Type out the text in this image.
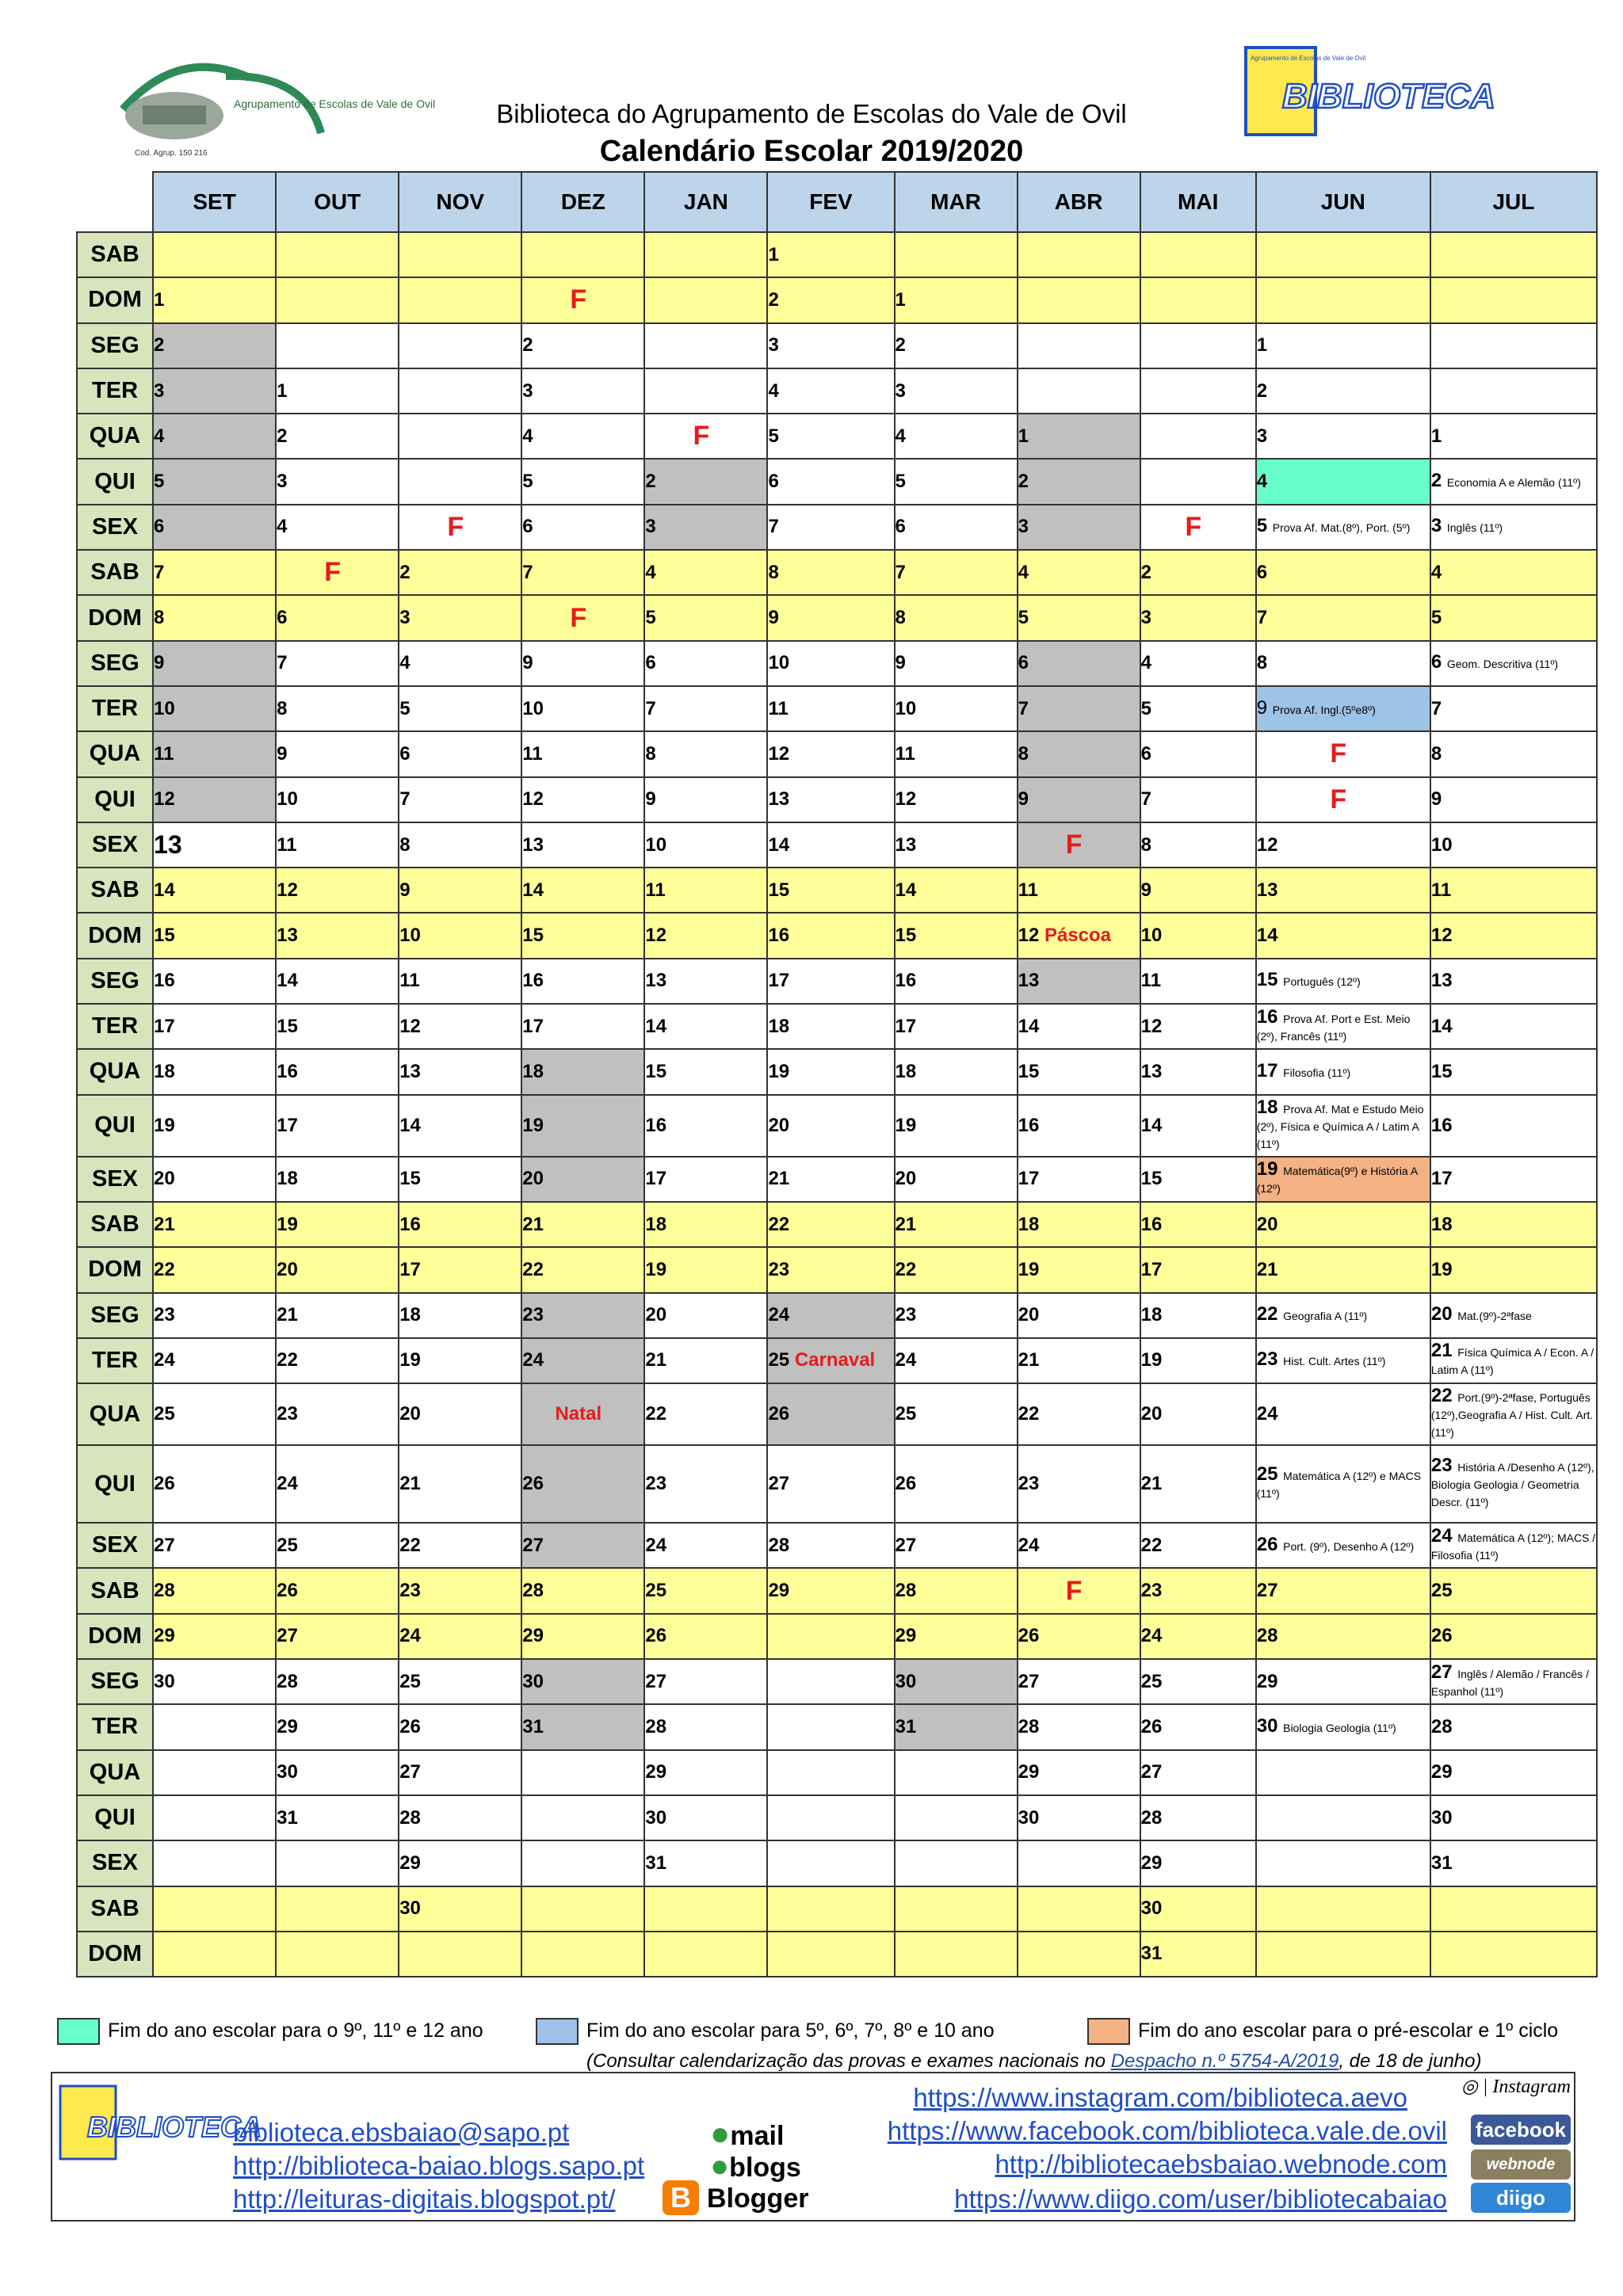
Agrupamento de Escolas de Vale de Ovil
Cod. Agrup. 150 216
Agrupamento de Escolas de Vale de Ovil
BIBLIOTECA
Biblioteca do Agrupamento de Escolas do Vale de Ovil
Calendário Escolar 2019/2020
	SET	OUT	NOV	DEZ	JAN	FEV	MAR	ABR	MAI	JUN	JUL
SAB						1					
DOM	1			F		2	1				
SEG	2			2		3	2			1	
TER	3	1		3		4	3			2	
QUA	4	2		4	F	5	4	1		3	1
QUI	5	3		5	2	6	5	2		4	2 Economia A e Alemão (11º)
SEX	6	4	F	6	3	7	6	3	F	5 Prova Af. Mat.(8º), Port. (5º)	3 Inglês (11º)
SAB	7	F	2	7	4	8	7	4	2	6	4
DOM	8	6	3	F	5	9	8	5	3	7	5
SEG	9	7	4	9	6	10	9	6	4	8	6 Geom. Descritiva (11º)
TER	10	8	5	10	7	11	10	7	5	9 Prova Af. Ingl.(5ºe8º)	7
QUA	11	9	6	11	8	12	11	8	6	F	8
QUI	12	10	7	12	9	13	12	9	7	F	9
SEX	13	11	8	13	10	14	13	F	8	12	10
SAB	14	12	9	14	11	15	14	11	9	13	11
DOM	15	13	10	15	12	16	15	12 Páscoa	10	14	12
SEG	16	14	11	16	13	17	16	13	11	15 Português (12º)	13
TER	17	15	12	17	14	18	17	14	12	16 Prova Af. Port e Est. Meio (2º), Francês (11º)	14
QUA	18	16	13	18	15	19	18	15	13	17 Filosofia (11º)	15
QUI	19	17	14	19	16	20	19	16	14	18 Prova Af. Mat e Estudo Meio (2º), Física e Química A / Latim A (11º)	16
SEX	20	18	15	20	17	21	20	17	15	19 Matemática(9º) e História A (12º)	17
SAB	21	19	16	21	18	22	21	18	16	20	18
DOM	22	20	17	22	19	23	22	19	17	21	19
SEG	23	21	18	23	20	24	23	20	18	22 Geografia A (11º)	20 Mat.(9º)-2ªfase
TER	24	22	19	24	21	25 Carnaval	24	21	19	23 Hist. Cult. Artes (11º)	21 Física Química A / Econ. A / Latim A (11º)
QUA	25	23	20	Natal	22	26	25	22	20	24	22 Port.(9º)-2ªfase, Português (12º),Geografia A / Hist. Cult. Art. (11º)
QUI	26	24	21	26	23	27	26	23	21	25 Matemática A (12º) e MACS (11º)	23 História A /Desenho A (12º), Biologia Geologia / Geometria Descr. (11º)
SEX	27	25	22	27	24	28	27	24	22	26 Port. (9º), Desenho A (12º)	24 Matemática A (12º); MACS / Filosofia (11º)
SAB	28	26	23	28	25	29	28	F	23	27	25
DOM	29	27	24	29	26		29	26	24	28	26
SEG	30	28	25	30	27		30	27	25	29	27 Inglês / Alemão / Francês / Espanhol (11º)
TER		29	26	31	28		31	28	26	30 Biologia Geologia (11º)	28
QUA		30	27		29			29	27		29
QUI		31	28		30			30	28		30
SEX			29		31				29		31
SAB			30						30		
DOM									31		
Fim do ano escolar para o 9º, 11º e 12 ano	Fim do ano escolar para 5º, 6º, 7º, 8º e 10 ano	Fim do ano escolar para o pré-escolar e 1º ciclo
(Consultar calendarização das provas e exames nacionais no Despacho n.º 5754-A/2019, de 18 de junho)
BIBLIOTECA
biblioteca.ebsbaiao@sapo.pt
http://biblioteca-baiao.blogs.sapo.pt
http://leituras-digitais.blogspot.pt/
●mail
●blogs
B Blogger
https://www.instagram.com/biblioteca.aevo
https://www.facebook.com/biblioteca.vale.de.ovil
http://bibliotecaebsbaiao.webnode.com
https://www.diigo.com/user/bibliotecabaiao
◎ | Instagram
facebook
webnode
diigo
